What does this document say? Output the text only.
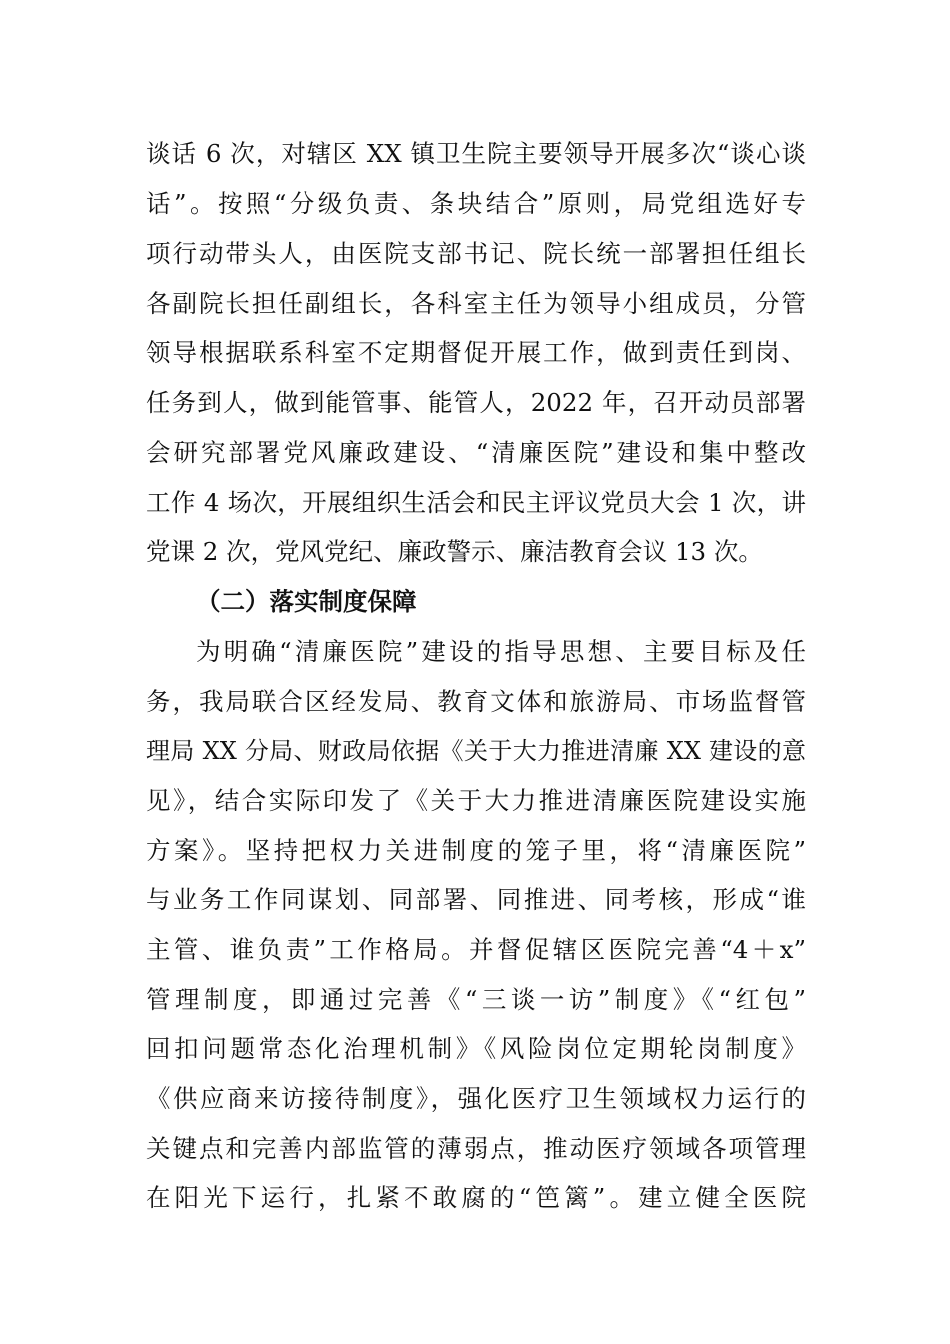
谈话 6 次，对辖区 XX 镇卫生院主要领导开展多次“谈心谈
话”。按照“分级负责、条块结合”原则，局党组选好专
项行动带头人，由医院支部书记、院长统一部署担任组长
各副院长担任副组长，各科室主任为领导小组成员，分管
领导根据联系科室不定期督促开展工作，做到责任到岗、
任务到人，做到能管事、能管人，2022 年，召开动员部署
会研究部署党风廉政建设、“清廉医院”建设和集中整改
工作 4 场次，开展组织生活会和民主评议党员大会 1 次，讲
党课 2 次，党风党纪、廉政警示、廉洁教育会议 13 次。
（二）落实制度保障
为明确“清廉医院”建设的指导思想、主要目标及任
务，我局联合区经发局、教育文体和旅游局、市场监督管
理局 XX 分局、财政局依据《关于大力推进清廉 XX 建设的意
见》，结合实际印发了《关于大力推进清廉医院建设实施
方案》。坚持把权力关进制度的笼子里，将“清廉医院”
与业务工作同谋划、同部署、同推进、同考核，形成“谁
主管、谁负责”工作格局。并督促辖区医院完善“4＋x”
管理制度，即通过完善《“三谈一访”制度》《“红包”
回扣问题常态化治理机制》《风险岗位定期轮岗制度》
《供应商来访接待制度》，强化医疗卫生领域权力运行的
关键点和完善内部监管的薄弱点，推动医疗领域各项管理
在阳光下运行，扎紧不敢腐的“笆篱”。建立健全医院
